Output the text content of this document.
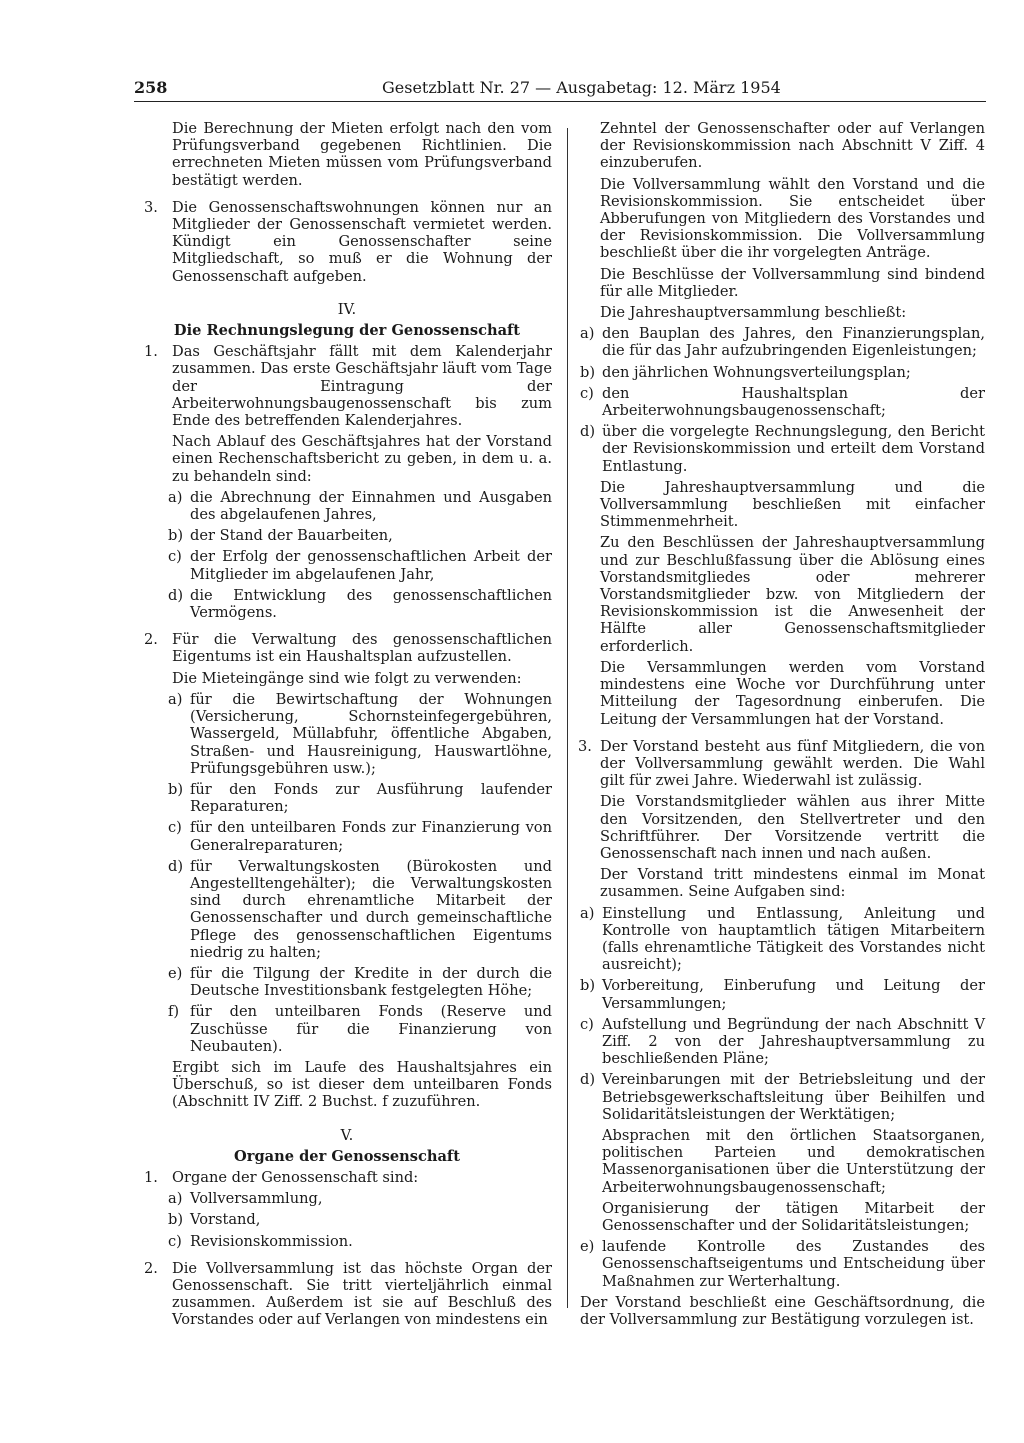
258	Gesetzblatt Nr. 27 — Ausgabetag: 12. März 1954

Die Berechnung der Mieten erfolgt nach den vom Prüfungsverband gegebenen Richtlinien. Die errechneten Mieten müssen vom Prüfungsverband bestätigt werden.

3. Die Genossenschaftswohnungen können nur an Mitglieder der Genossenschaft vermietet werden. Kündigt ein Genossenschafter seine Mitgliedschaft, so muß er die Wohnung der Genossenschaft aufgeben.

IV.

Die Rechnungslegung der Genossenschaft

1. Das Geschäftsjahr fällt mit dem Kalenderjahr zusammen. Das erste Geschäftsjahr läuft vom Tage der Eintragung der Arbeiterwohnungsbaugenossenschaft bis zum Ende des betreffenden Kalenderjahres.

Nach Ablauf des Geschäftsjahres hat der Vorstand einen Rechenschaftsbericht zu geben, in dem u. a. zu behandeln sind:

a) die Abrechnung der Einnahmen und Ausgaben des abgelaufenen Jahres,

b) der Stand der Bauarbeiten,

c) der Erfolg der genossenschaftlichen Arbeit der Mitglieder im abgelaufenen Jahr,

d) die Entwicklung des genossenschaftlichen Vermögens.

2. Für die Verwaltung des genossenschaftlichen Eigentums ist ein Haushaltsplan aufzustellen.

Die Mieteingänge sind wie folgt zu verwenden:

a) für die Bewirtschaftung der Wohnungen (Versicherung, Schornsteinfegergebühren, Wassergeld, Müllabfuhr, öffentliche Abgaben, Straßen- und Hausreinigung, Hauswartlöhne, Prüfungsgebühren usw.);

b) für den Fonds zur Ausführung laufender Reparaturen;

c) für den unteilbaren Fonds zur Finanzierung von Generalreparaturen;

d) für Verwaltungskosten (Bürokosten und Angestelltengehälter); die Verwaltungskosten sind durch ehrenamtliche Mitarbeit der Genossenschafter und durch gemeinschaftliche Pflege des genossenschaftlichen Eigentums niedrig zu halten;

e) für die Tilgung der Kredite in der durch die Deutsche Investitionsbank festgelegten Höhe;

f) für den unteilbaren Fonds (Reserve und Zuschüsse für die Finanzierung von Neubauten).

Ergibt sich im Laufe des Haushaltsjahres ein Überschuß, so ist dieser dem unteilbaren Fonds (Abschnitt IV Ziff. 2 Buchst. f zuzuführen.

V.

Organe der Genossenschaft

1. Organe der Genossenschaft sind:

a) Vollversammlung,

b) Vorstand,

c) Revisionskommission.

2. Die Vollversammlung ist das höchste Organ der Genossenschaft. Sie tritt vierteljährlich einmal zusammen. Außerdem ist sie auf Beschluß des Vorstandes oder auf Verlangen von mindestens ein

Zehntel der Genossenschafter oder auf Verlangen der Revisionskommission nach Abschnitt V Ziff. 4 einzuberufen.

Die Vollversammlung wählt den Vorstand und die Revisionskommission. Sie entscheidet über Abberufungen von Mitgliedern des Vorstandes und der Revisionskommission. Die Vollversammlung beschließt über die ihr vorgelegten Anträge.

Die Beschlüsse der Vollversammlung sind bindend für alle Mitglieder.

Die Jahreshauptversammlung beschließt:

a) den Bauplan des Jahres, den Finanzierungsplan, die für das Jahr aufzubringenden Eigenleistungen;

b) den jährlichen Wohnungsverteilungsplan;

c) den Haushaltsplan der Arbeiterwohnungsbaugenossenschaft;

d) über die vorgelegte Rechnungslegung, den Bericht der Revisionskommission und erteilt dem Vorstand Entlastung.

Die Jahreshauptversammlung und die Vollversammlung beschließen mit einfacher Stimmenmehrheit.

Zu den Beschlüssen der Jahreshauptversammlung und zur Beschlußfassung über die Ablösung eines Vorstandsmitgliedes oder mehrerer Vorstandsmitglieder bzw. von Mitgliedern der Revisionskommission ist die Anwesenheit der Hälfte aller Genossenschaftsmitglieder erforderlich.

Die Versammlungen werden vom Vorstand mindestens eine Woche vor Durchführung unter Mitteilung der Tagesordnung einberufen. Die Leitung der Versammlungen hat der Vorstand.

3. Der Vorstand besteht aus fünf Mitgliedern, die von der Vollversammlung gewählt werden. Die Wahl gilt für zwei Jahre. Wiederwahl ist zulässig.

Die Vorstandsmitglieder wählen aus ihrer Mitte den Vorsitzenden, den Stellvertreter und den Schriftführer. Der Vorsitzende vertritt die Genossenschaft nach innen und nach außen.

Der Vorstand tritt mindestens einmal im Monat zusammen. Seine Aufgaben sind:

a) Einstellung und Entlassung, Anleitung und Kontrolle von hauptamtlich tätigen Mitarbeitern (falls ehrenamtliche Tätigkeit des Vorstandes nicht ausreicht);

b) Vorbereitung, Einberufung und Leitung der Versammlungen;

c) Aufstellung und Begründung der nach Abschnitt V Ziff. 2 von der Jahreshauptversammlung zu beschließenden Pläne;

d) Vereinbarungen mit der Betriebsleitung und der Betriebsgewerkschaftsleitung über Beihilfen und Solidaritätsleistungen der Werktätigen;

Absprachen mit den örtlichen Staatsorganen, politischen Parteien und demokratischen Massenorganisationen über die Unterstützung der Arbeiterwohnungsbaugenossenschaft;

Organisierung der tätigen Mitarbeit der Genossenschafter und der Solidaritätsleistungen;

e) laufende Kontrolle des Zustandes des Genossenschaftseigentums und Entscheidung über Maßnahmen zur Werterhaltung.

Der Vorstand beschließt eine Geschäftsordnung, die der Vollversammlung zur Bestätigung vorzulegen ist.
